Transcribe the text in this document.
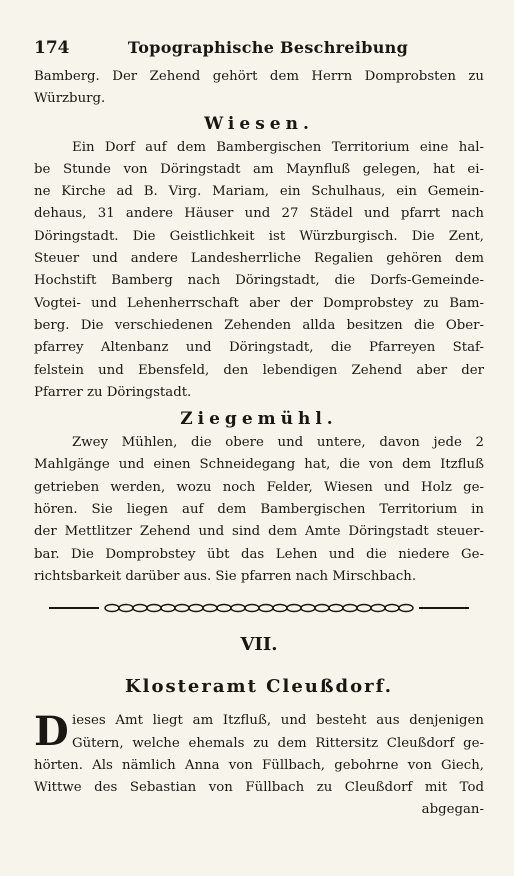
174	Topographische Beschreibung
Bamberg. Der Zehend gehört dem Herrn Domprobsten zu
Würzburg.
Wiesen.
Ein Dorf auf dem Bambergischen Territorium eine hal-
be Stunde von Döringstadt am Maynfluß gelegen, hat ei-
ne Kirche ad B. Virg. Mariam, ein Schulhaus, ein Gemein-
dehaus, 31 andere Häuser und 27 Städel und pfarrt nach
Döringstadt. Die Geistlichkeit ist Würzburgisch. Die Zent,
Steuer und andere Landesherrliche Regalien gehören dem
Hochstift Bamberg nach Döringstadt, die Dorfs-Gemeinde-
Vogtei- und Lehenherrschaft aber der Domprobstey zu Bam-
berg. Die verschiedenen Zehenden allda besitzen die Ober-
pfarrey Altenbanz und Döringstadt, die Pfarreyen Staf-
felstein und Ebensfeld, den lebendigen Zehend aber der
Pfarrer zu Döringstadt.
Ziegemühl.
Zwey Mühlen, die obere und untere, davon jede 2
Mahlgänge und einen Schneidegang hat, die von dem Itzfluß
getrieben werden, wozu noch Felder, Wiesen und Holz ge-
hören. Sie liegen auf dem Bambergischen Territorium in
der Mettlitzer Zehend und sind dem Amte Döringstadt steuer-
bar. Die Domprobstey übt das Lehen und die niedere Ge-
richtsbarkeit darüber aus. Sie pfarren nach Mirschbach.
VII.
Klosteramt Cleußdorf.
D ieses Amt liegt am Itzfluß, und besteht aus denjenigen
Gütern, welche ehemals zu dem Rittersitz Cleußdorf ge-
hörten. Als nämlich Anna von Füllbach, gebohrne von Giech,
Wittwe des Sebastian von Füllbach zu Cleußdorf mit Tod
abgegan-
